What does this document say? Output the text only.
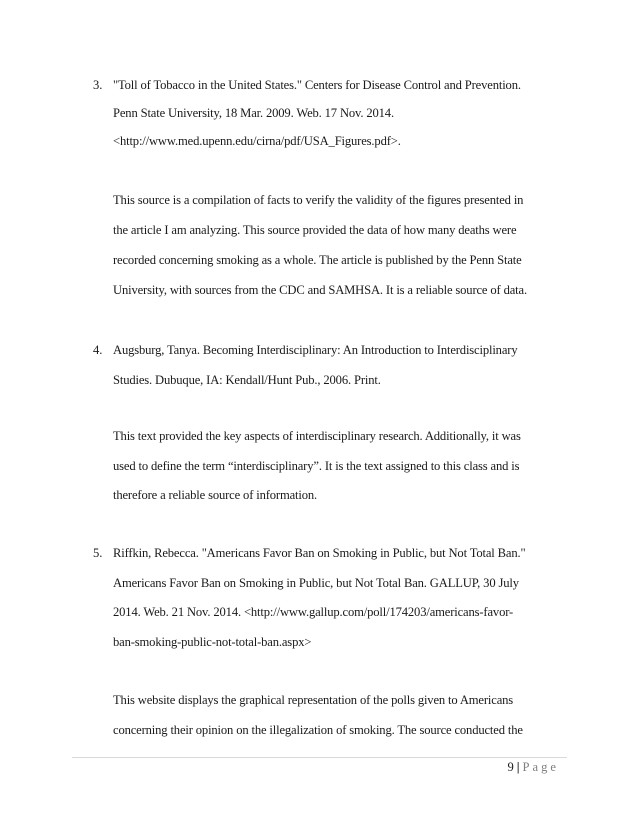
3. "Toll of Tobacco in the United States." Centers for Disease Control and Prevention.
Penn State University, 18 Mar. 2009. Web. 17 Nov. 2014.
<http://www.med.upenn.edu/cirna/pdf/USA_Figures.pdf>.
This source is a compilation of facts to verify the validity of the figures presented in
the article I am analyzing. This source provided the data of how many deaths were
recorded concerning smoking as a whole. The article is published by the Penn State
University, with sources from the CDC and SAMHSA. It is a reliable source of data.
4. Augsburg, Tanya. Becoming Interdisciplinary: An Introduction to Interdisciplinary
Studies. Dubuque, IA: Kendall/Hunt Pub., 2006. Print.
This text provided the key aspects of interdisciplinary research. Additionally, it was
used to define the term “interdisciplinary”. It is the text assigned to this class and is
therefore a reliable source of information.
5. Riffkin, Rebecca. "Americans Favor Ban on Smoking in Public, but Not Total Ban."
Americans Favor Ban on Smoking in Public, but Not Total Ban. GALLUP, 30 July
2014. Web. 21 Nov. 2014. <http://www.gallup.com/poll/174203/americans-favor-
ban-smoking-public-not-total-ban.aspx>
This website displays the graphical representation of the polls given to Americans
concerning their opinion on the illegalization of smoking. The source conducted the
9 | Page
